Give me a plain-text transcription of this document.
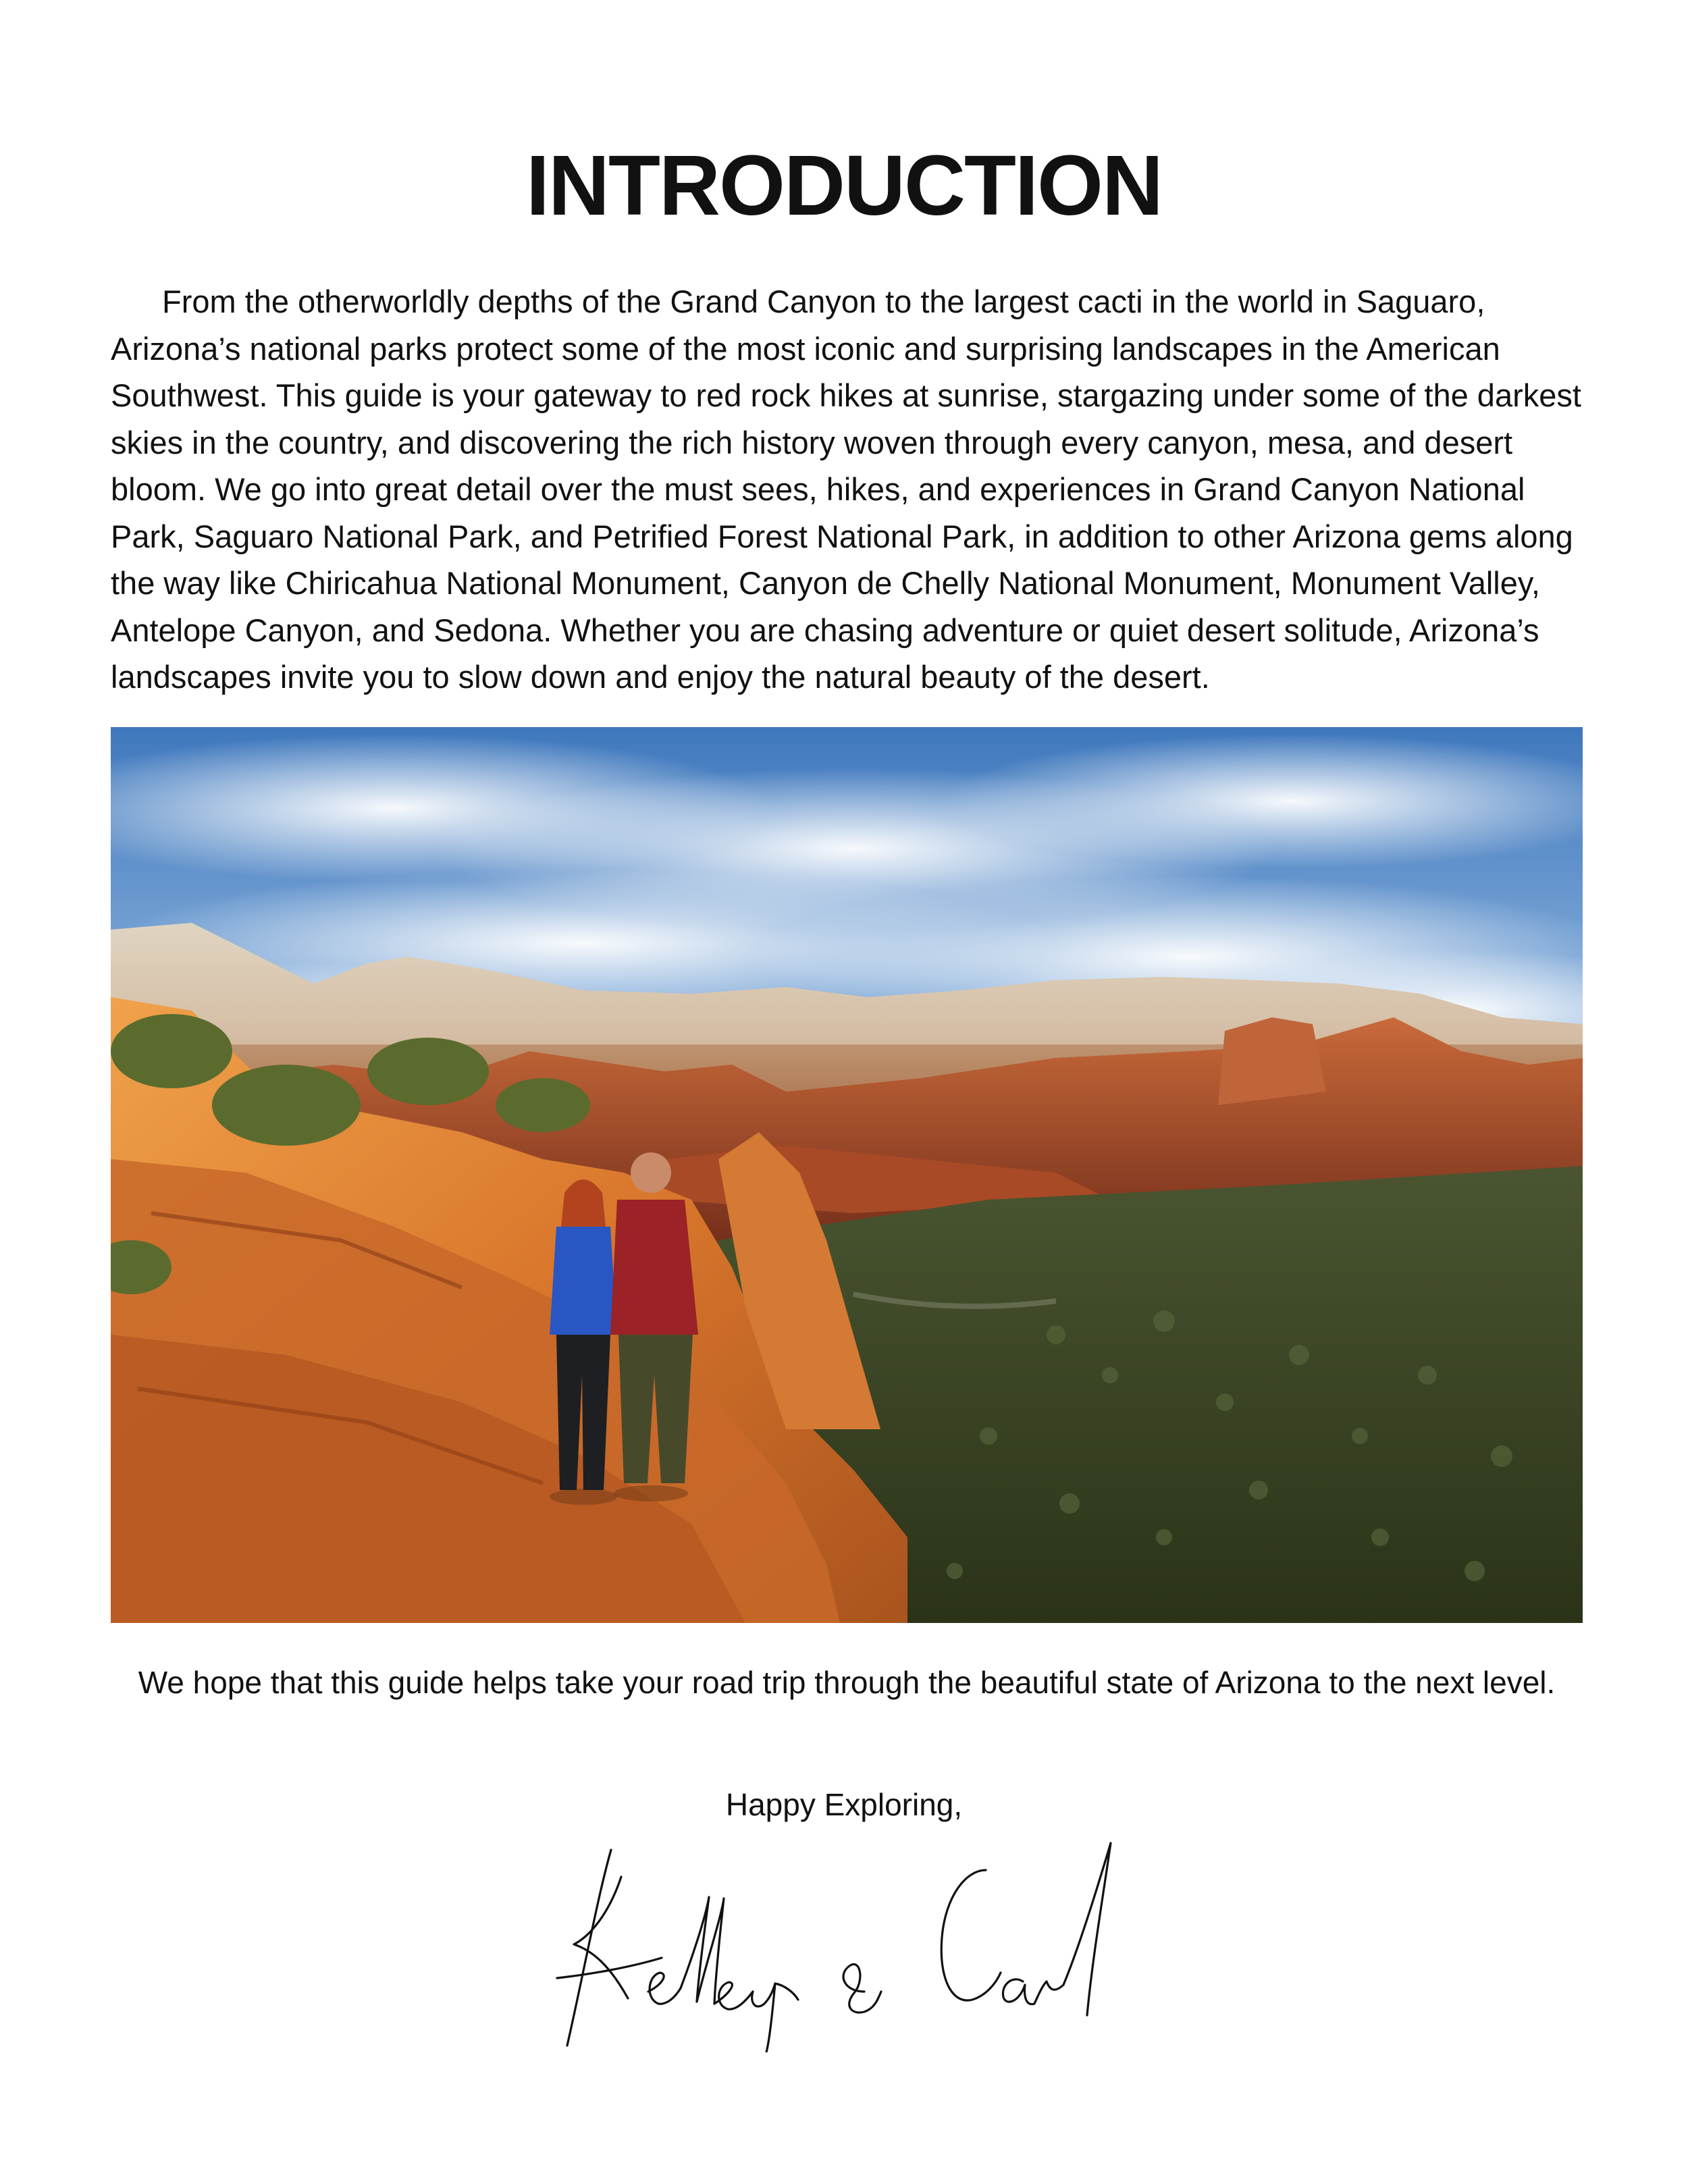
INTRODUCTION

From the otherworldly depths of the Grand Canyon to the largest cacti in the world in Saguaro, Arizona’s national parks protect some of the most iconic and surprising landscapes in the American Southwest. This guide is your gateway to red rock hikes at sunrise, stargazing under some of the darkest skies in the country, and discovering the rich history woven through every canyon, mesa, and desert bloom. We go into great detail over the must sees, hikes, and experiences in Grand Canyon National Park, Saguaro National Park, and Petrified Forest National Park, in addition to other Arizona gems along the way like Chiricahua National Monument, Canyon de Chelly National Monument, Monument Valley, Antelope Canyon, and Sedona. Whether you are chasing adventure or quiet desert solitude, Arizona’s landscapes invite you to slow down and enjoy the natural beauty of the desert.

We hope that this guide helps take your road trip through the beautiful state of Arizona to the next level.

Happy Exploring,
